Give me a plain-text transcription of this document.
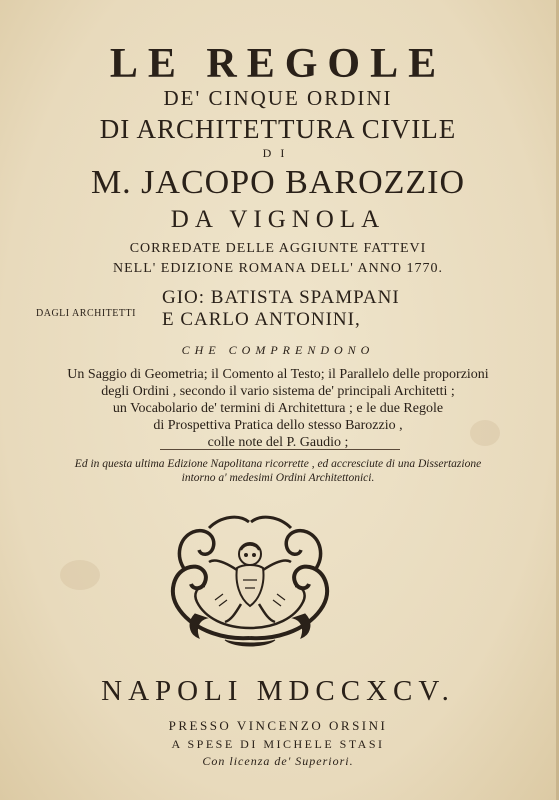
LE REGOLE
DE' CINQUE ORDINI
DI ARCHITETTURA CIVILE
DI
M. JACOPO BAROZZIO
DA VIGNOLA
CORREDATE DELLE AGGIUNTE FATTEVI
NELL' EDIZIONE ROMANA DELL' ANNO 1770.
DAGLI ARCHITETTI
GIO: BATISTA SPAMPANI
E CARLO ANTONINI,
CHE COMPRENDONO
Un Saggio di Geometria; il Comento al Testo; il Parallelo delle proporzioni
degli Ordini , secondo il vario sistema de' principali Architetti ;
un Vocabolario de' termini di Architettura ; e le due Regole
di Prospettiva Pratica dello stesso Barozzio ,
colle note del P. Gaudio ;
Ed in questa ultima Edizione Napolitana ricorrette , ed accresciute di una Dissertazione
intorno a' medesimi Ordini Architettonici.
NAPOLI MDCCXCV.
PRESSO VINCENZO ORSINI
A SPESE DI MICHELE STASI
Con licenza de' Superiori.
